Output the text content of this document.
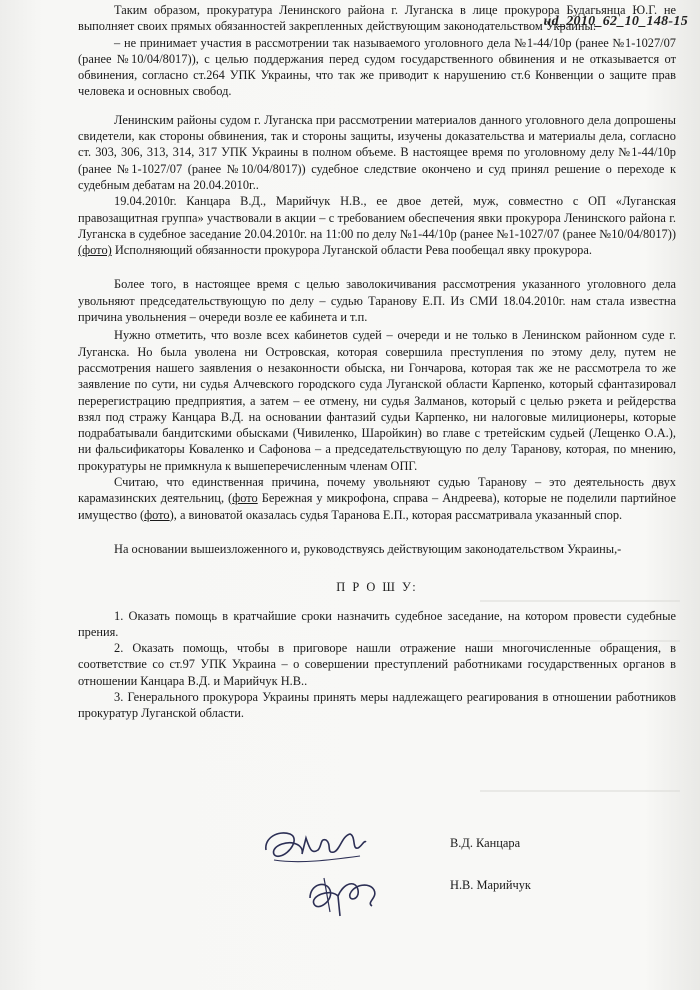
ud_2010_62_10_148-15

Таким образом, прокуратура Ленинского района г. Луганска в лице прокурора Будагьянца Ю.Г. не выполняет своих прямых обязанностей закрепленных действующим законодательством Украины:

– не принимает участия в рассмотрении так называемого уголовного дела №1-44/10р (ранее №1-1027/07 (ранее №10/04/8017)), с целью поддержания перед судом государственного обвинения и не отказывается от обвинения, согласно ст.264 УПК Украины, что так же приводит к нарушению ст.6 Конвенции о защите прав человека и основных свобод.

Ленинским районы судом г. Луганска при рассмотрении материалов данного уголовного дела допрошены свидетели, как стороны обвинения, так и стороны защиты, изучены доказательства и материалы дела, согласно ст. 303, 306, 313, 314, 317 УПК Украины в полном объеме. В настоящее время по уголовному делу №1-44/10р (ранее №1-1027/07 (ранее №10/04/8017)) судебное следствие окончено и суд принял решение о переходе к судебным дебатам на 20.04.2010г..

19.04.2010г. Канцара В.Д., Марийчук Н.В., ее двое детей, муж, совместно с ОП «Луганская правозащитная группа» участвовали в акции – с требованием обеспечения явки прокурора Ленинского района г. Луганска в судебное заседание 20.04.2010г. на 11:00 по делу №1-44/10р (ранее №1-1027/07 (ранее №10/04/8017)) (фото) Исполняющий обязанности прокурора Луганской области Рева пообещал явку прокурора.

Более того, в настоящее время с целью заволокичивания рассмотрения указанного уголовного дела увольняют председательствующую по делу – судью Таранову Е.П. Из СМИ 18.04.2010г. нам стала известна причина увольнения – очереди возле ее кабинета и т.п.

Нужно отметить, что возле всех кабинетов судей – очереди и не только в Ленинском районном суде г. Луганска. Но была уволена ни Островская, которая совершила преступления по этому делу, путем не рассмотрения нашего заявления о незаконности обыска, ни Гончарова, которая так же не рассмотрела то же заявление по сути, ни судья Алчевского городского суда Луганской области Карпенко, который сфантазировал перерегистрацию предприятия, а затем – ее отмену, ни судья Залманов, который с целью рэкета и рейдерства взял под стражу Канцара В.Д. на основании фантазий судьи Карпенко, ни налоговые милиционеры, которые подрабатывали бандитскими обысками (Чивиленко, Шаройкин) во главе с третейским судьей (Лещенко О.А.), ни фальсификаторы Коваленко и Сафонова – а председательствующую по делу Таранову, которая, по мнению, прокуратуры не примкнула к вышеперечисленным членам ОПГ.

Считаю, что единственная причина, почему увольняют судью Таранову – это деятельность двух карамазинских деятельниц, (фото Бережная у микрофона, справа – Андреева), которые не поделили партийное имущество (фото), а виноватой оказалась судья Таранова Е.П., которая рассматривала указанный спор.

На основании вышеизложенного и, руководствуясь действующим законодательством Украины,-

П Р О Ш У:

1. Оказать помощь в кратчайшие сроки назначить судебное заседание, на котором провести судебные прения.

2. Оказать помощь, чтобы в приговоре нашли отражение наши многочисленные обращения, в соответствие со ст.97 УПК Украина – о совершении преступлений работниками государственных органов в отношении Канцара В.Д. и Марийчук Н.В..

3. Генерального прокурора Украины принять меры надлежащего реагирования в отношении работников прокуратур Луганской области.

В.Д. Канцара
Н.В. Марийчук
